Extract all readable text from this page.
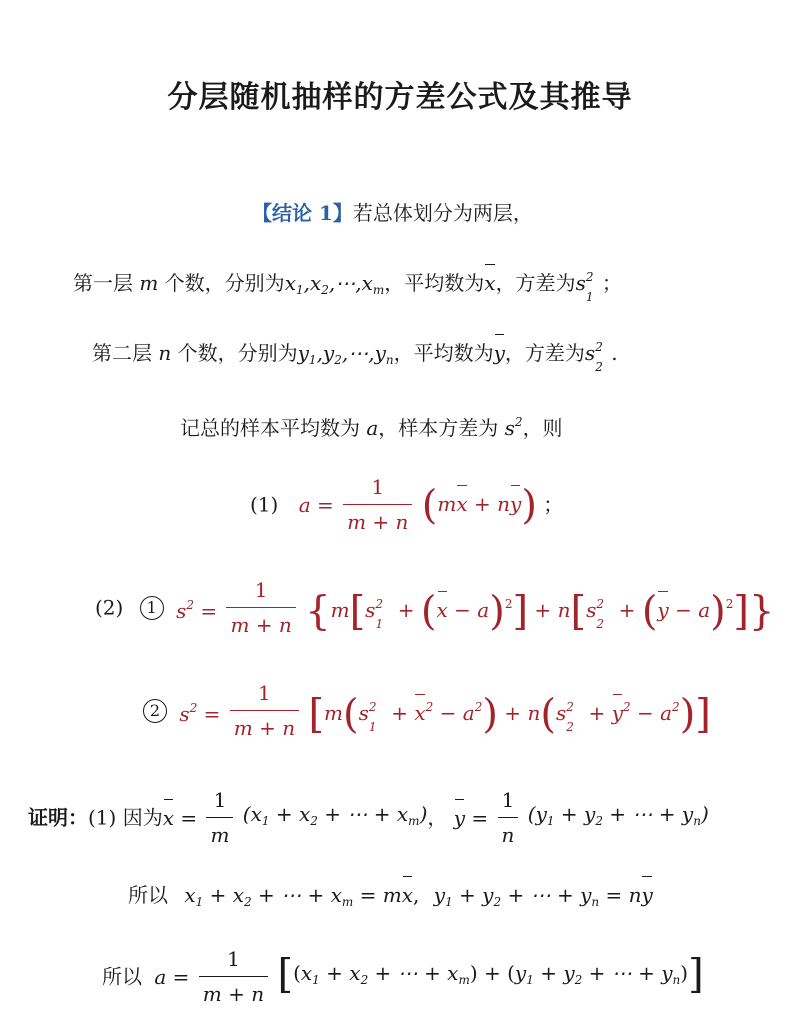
分层随机抽样的方差公式及其推导
【结论 1】若总体划分为两层，
第一层 m 个数，分别为$x_1,x_2,\cdots,x_m$，平均数为x，方差为s 2
1
；
第二层 n 个数，分别为$y_1,y_2,\cdots,y_n$，平均数为y，方差为s 2
2
.
记总的样本平均数为 a，样本方差为 $s^2$，则
(1) $a = \frac{1}{m + n} (mx + ny)$ ；
(2) 1 $s^2 = \frac{1}{m + n} \{m[s$ 2
1
+ $(x - a)^2] + n[s$ 2
2
+ $(y - a)^2$]}
2 $s^2 = \frac{1}{m + n} [m(s$ 2
1
+ $x^2 - a^2) + n(s$ 2
2
+ $y^2 - a^2$)]
证明：(1) 因为$x = \frac{1}{m} (x_1 + x_2$ + ⋯ + $x_m$)， $y = \frac{1}{n} (y_1 + y_2$ + ⋯ + $y_n$)
所以 $x_1 + x_2$ + ⋯ + $x_m$ = mx, $y_1 + y_2$ + ⋯ + $y_n$ = ny
所以 $a = \frac{1}{m + n} [(x_1 + x_2$ + ⋯ + $x_m) + (y_1 + y_2$ + ⋯ + $y_n$)]
